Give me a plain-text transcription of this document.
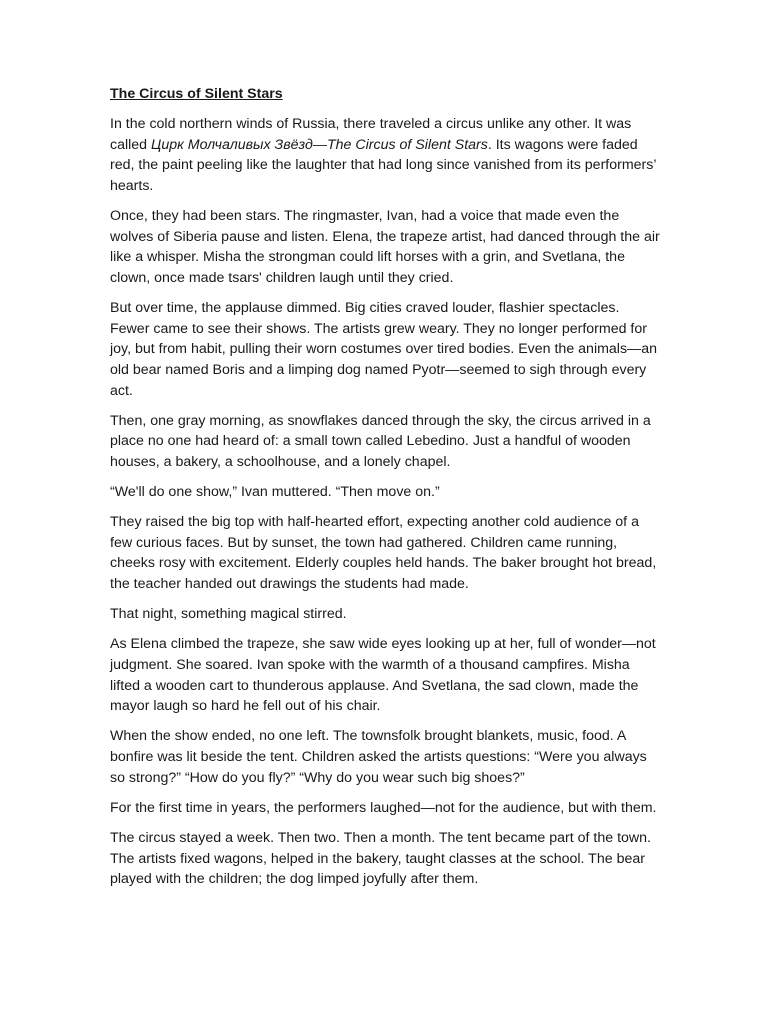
The Circus of Silent Stars

In the cold northern winds of Russia, there traveled a circus unlike any other. It was called Цирк Молчаливых Звёзд—The Circus of Silent Stars. Its wagons were faded red, the paint peeling like the laughter that had long since vanished from its performers’ hearts.

Once, they had been stars. The ringmaster, Ivan, had a voice that made even the wolves of Siberia pause and listen. Elena, the trapeze artist, had danced through the air like a whisper. Misha the strongman could lift horses with a grin, and Svetlana, the clown, once made tsars' children laugh until they cried.

But over time, the applause dimmed. Big cities craved louder, flashier spectacles. Fewer came to see their shows. The artists grew weary. They no longer performed for joy, but from habit, pulling their worn costumes over tired bodies. Even the animals—an old bear named Boris and a limping dog named Pyotr—seemed to sigh through every act.

Then, one gray morning, as snowflakes danced through the sky, the circus arrived in a place no one had heard of: a small town called Lebedino. Just a handful of wooden houses, a bakery, a schoolhouse, and a lonely chapel.

“We'll do one show,” Ivan muttered. “Then move on.”

They raised the big top with half-hearted effort, expecting another cold audience of a few curious faces. But by sunset, the town had gathered. Children came running, cheeks rosy with excitement. Elderly couples held hands. The baker brought hot bread, the teacher handed out drawings the students had made.

That night, something magical stirred.

As Elena climbed the trapeze, she saw wide eyes looking up at her, full of wonder—not judgment. She soared. Ivan spoke with the warmth of a thousand campfires. Misha lifted a wooden cart to thunderous applause. And Svetlana, the sad clown, made the mayor laugh so hard he fell out of his chair.

When the show ended, no one left. The townsfolk brought blankets, music, food. A bonfire was lit beside the tent. Children asked the artists questions: “Were you always so strong?” “How do you fly?” “Why do you wear such big shoes?”

For the first time in years, the performers laughed—not for the audience, but with them.

The circus stayed a week. Then two. Then a month. The tent became part of the town. The artists fixed wagons, helped in the bakery, taught classes at the school. The bear played with the children; the dog limped joyfully after them.
